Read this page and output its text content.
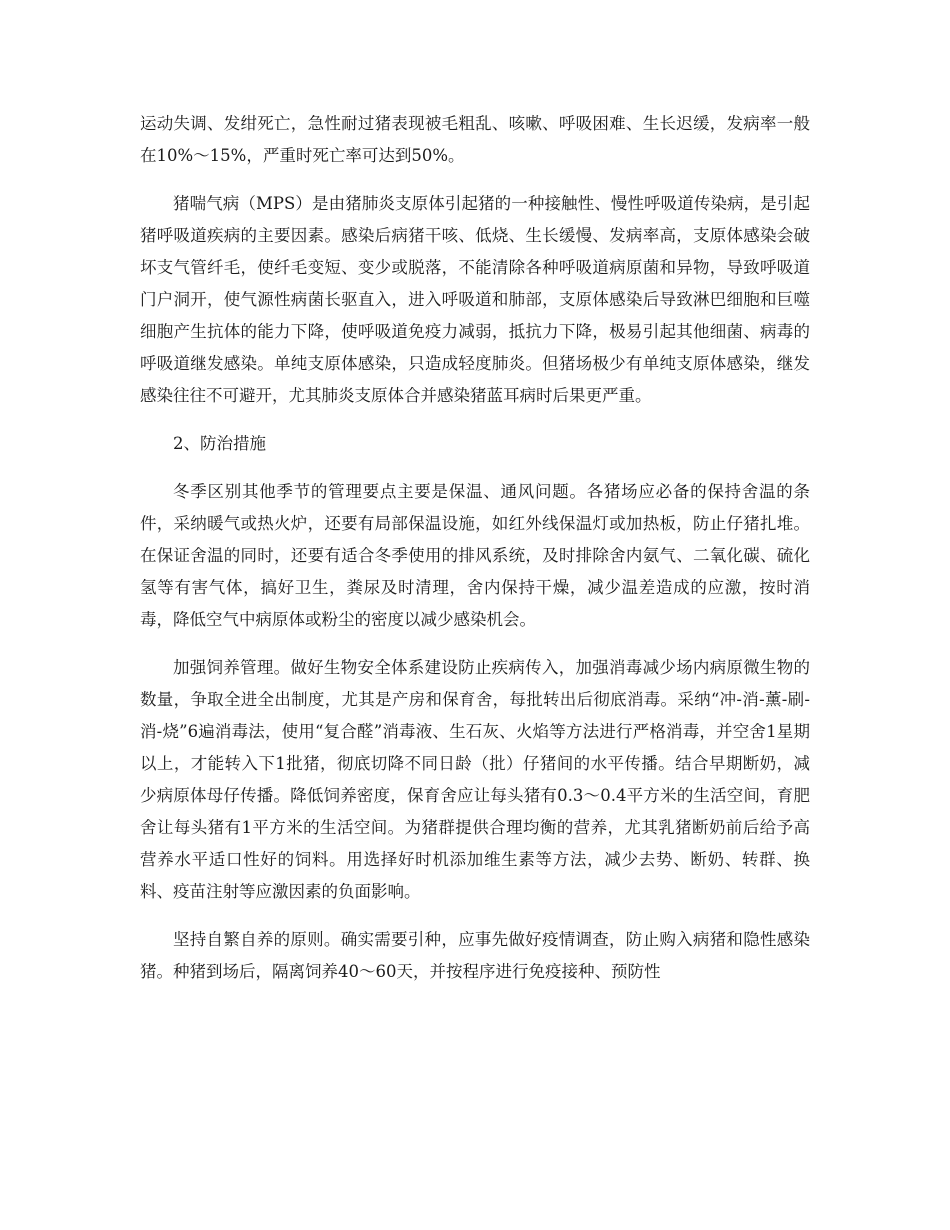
运动失调、发绀死亡，急性耐过猪表现被毛粗乱、咳嗽、呼吸困难、生长迟缓，发病率一般在10%～15%，严重时死亡率可达到50%。

猪喘气病（MPS）是由猪肺炎支原体引起猪的一种接触性、慢性呼吸道传染病，是引起猪呼吸道疾病的主要因素。感染后病猪干咳、低烧、生长缓慢、发病率高，支原体感染会破坏支气管纤毛，使纤毛变短、变少或脱落，不能清除各种呼吸道病原菌和异物，导致呼吸道门户洞开，使气源性病菌长驱直入，进入呼吸道和肺部，支原体感染后导致淋巴细胞和巨噬细胞产生抗体的能力下降，使呼吸道免疫力减弱，抵抗力下降，极易引起其他细菌、病毒的呼吸道继发感染。单纯支原体感染，只造成轻度肺炎。但猪场极少有单纯支原体感染，继发感染往往不可避开，尤其肺炎支原体合并感染猪蓝耳病时后果更严重。

2、防治措施

冬季区别其他季节的管理要点主要是保温、通风问题。各猪场应必备的保持舍温的条件，采纳暖气或热火炉，还要有局部保温设施，如红外线保温灯或加热板，防止仔猪扎堆。在保证舍温的同时，还要有适合冬季使用的排风系统，及时排除舍内氨气、二氧化碳、硫化氢等有害气体，搞好卫生，粪尿及时清理，舍内保持干燥，减少温差造成的应激，按时消毒，降低空气中病原体或粉尘的密度以减少感染机会。

加强饲养管理。做好生物安全体系建设防止疾病传入，加强消毒减少场内病原微生物的数量，争取全进全出制度，尤其是产房和保育舍，每批转出后彻底消毒。采纳“冲-消-薰-刷-消-烧”6遍消毒法，使用“复合醛”消毒液、生石灰、火焰等方法进行严格消毒，并空舍1星期以上，才能转入下1批猪，彻底切降不同日龄（批）仔猪间的水平传播。结合早期断奶，减少病原体母仔传播。降低饲养密度，保育舍应让每头猪有0.3～0.4平方米的生活空间，育肥舍让每头猪有1平方米的生活空间。为猪群提供合理均衡的营养，尤其乳猪断奶前后给予高营养水平适口性好的饲料。用选择好时机添加维生素等方法，减少去势、断奶、转群、换料、疫苗注射等应激因素的负面影响。

坚持自繁自养的原则。确实需要引种，应事先做好疫情调查，防止购入病猪和隐性感染猪。种猪到场后，隔离饲养40～60天，并按程序进行免疫接种、预防性
